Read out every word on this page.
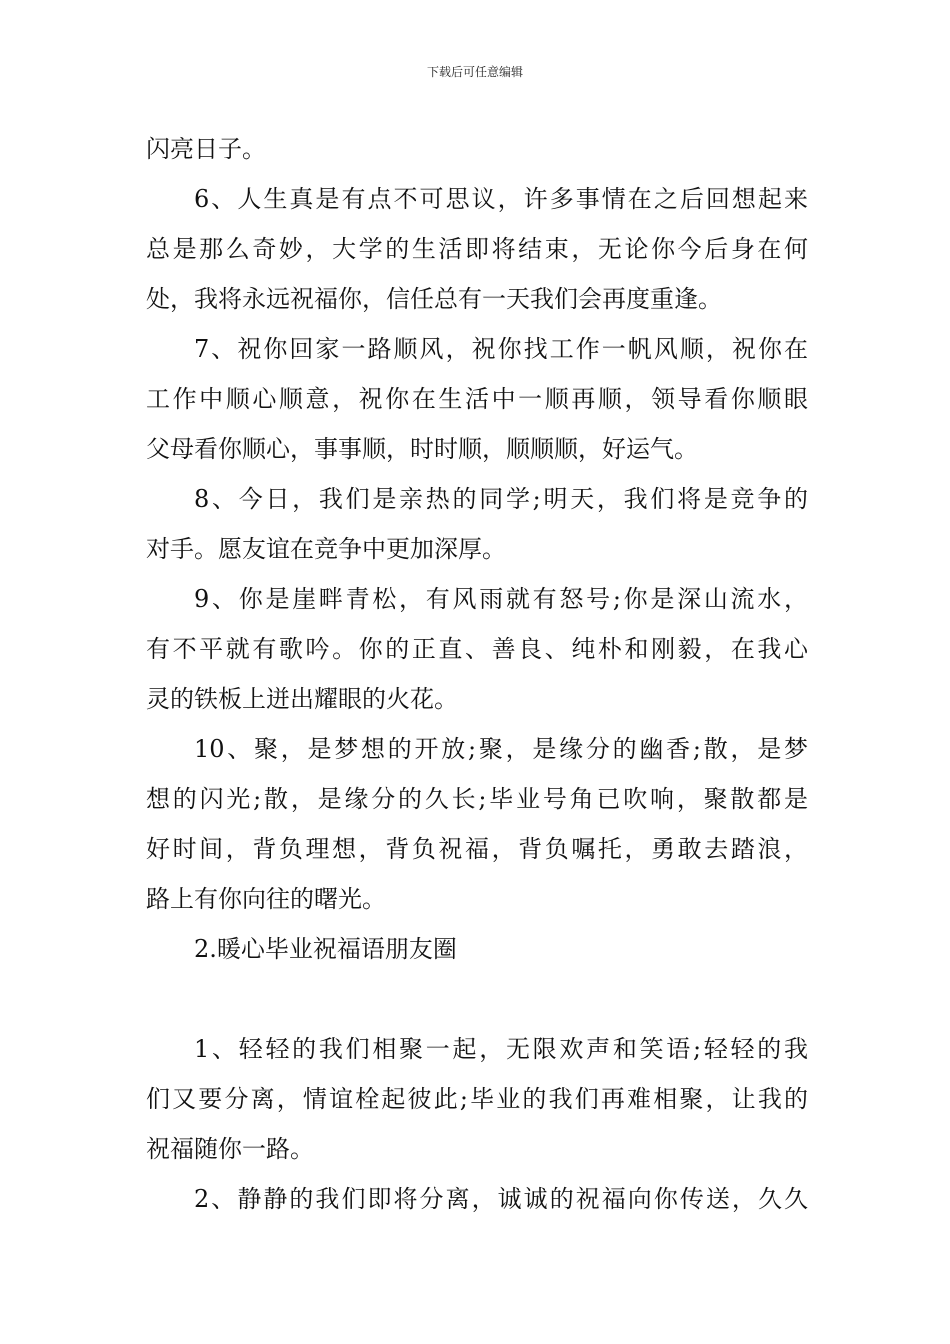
下载后可任意编辑
闪亮日子。
6、人生真是有点不可思议，许多事情在之后回想起来
总是那么奇妙，大学的生活即将结束，无论你今后身在何
处，我将永远祝福你，信任总有一天我们会再度重逢。
7、祝你回家一路顺风，祝你找工作一帆风顺，祝你在
工作中顺心顺意，祝你在生活中一顺再顺，领导看你顺眼
父母看你顺心，事事顺，时时顺，顺顺顺，好运气。
8、今日，我们是亲热的同学;明天，我们将是竞争的
对手。愿友谊在竞争中更加深厚。
9、你是崖畔青松，有风雨就有怒号;你是深山流水，
有不平就有歌吟。你的正直、善良、纯朴和刚毅，在我心
灵的铁板上迸出耀眼的火花。
10、聚，是梦想的开放;聚，是缘分的幽香;散，是梦
想的闪光;散，是缘分的久长;毕业号角已吹响，聚散都是
好时间，背负理想，背负祝福，背负嘱托，勇敢去踏浪，
路上有你向往的曙光。
2.暖心毕业祝福语朋友圈
1、轻轻的我们相聚一起，无限欢声和笑语;轻轻的我
们又要分离，情谊栓起彼此;毕业的我们再难相聚，让我的
祝福随你一路。
2、静静的我们即将分离，诚诚的祝福向你传送，久久
